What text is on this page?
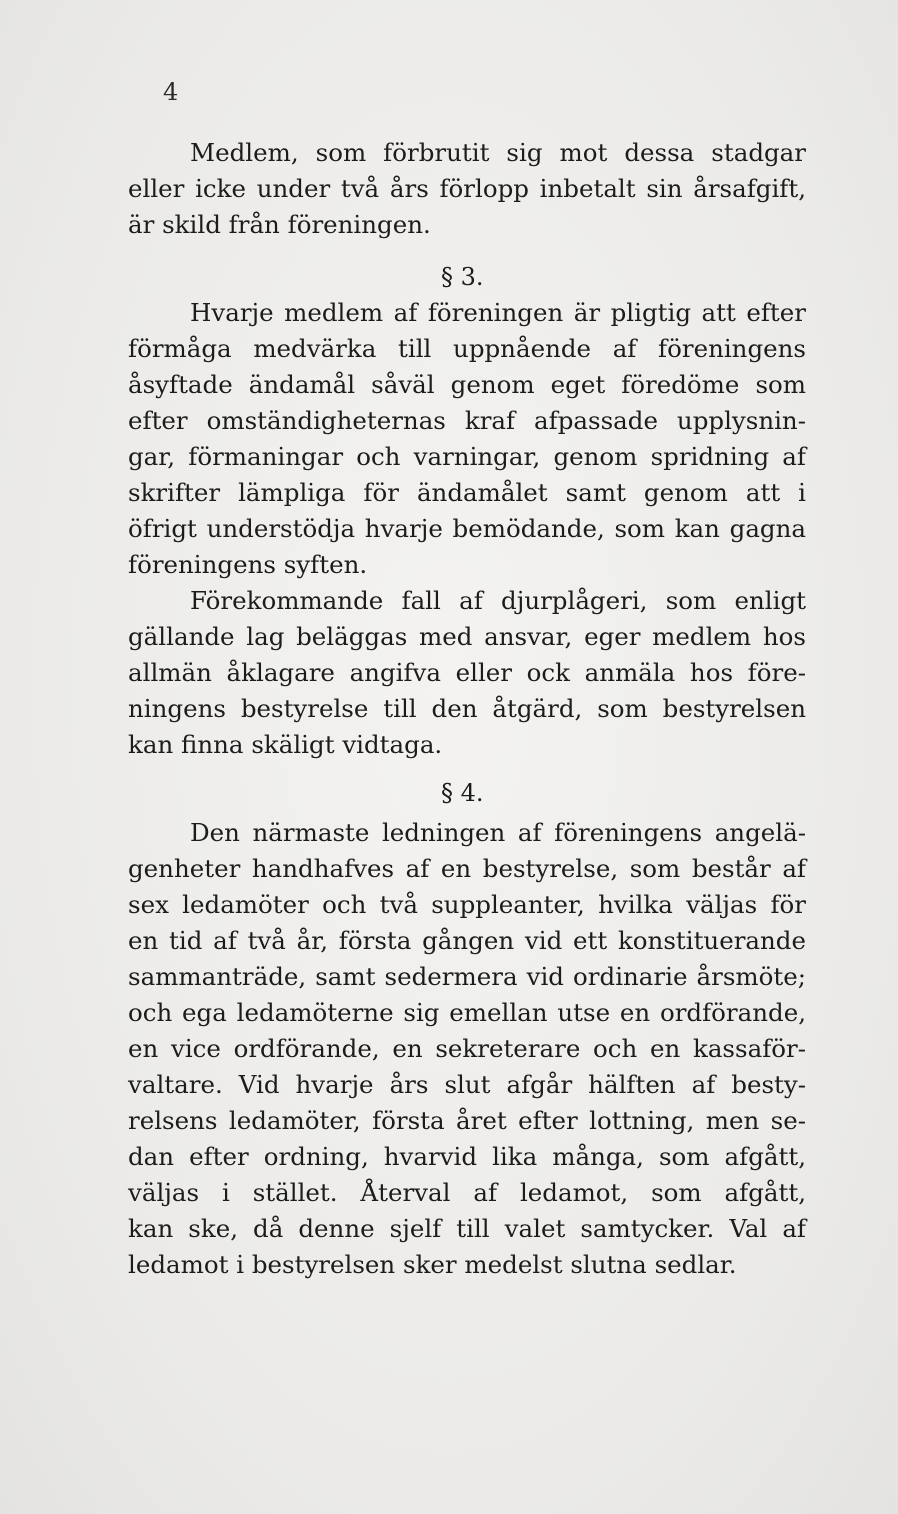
4
Medlem, som förbrutit sig mot dessa stadgar
eller icke under två års förlopp inbetalt sin årsafgift,
är skild från föreningen.
§ 3.
Hvarje medlem af föreningen är pligtig att efter
förmåga medvärka till uppnående af föreningens
åsyftade ändamål såväl genom eget föredöme som
efter omständigheternas kraf afpassade upplysnin-
gar, förmaningar och varningar, genom spridning af
skrifter lämpliga för ändamålet samt genom att i
öfrigt understödja hvarje bemödande, som kan gagna
föreningens syften.
Förekommande fall af djurplågeri, som enligt
gällande lag beläggas med ansvar, eger medlem hos
allmän åklagare angifva eller ock anmäla hos före-
ningens bestyrelse till den åtgärd, som bestyrelsen
kan finna skäligt vidtaga.
§ 4.
Den närmaste ledningen af föreningens angelä-
genheter handhafves af en bestyrelse, som består af
sex ledamöter och två suppleanter, hvilka väljas för
en tid af två år, första gången vid ett konstituerande
sammanträde, samt sedermera vid ordinarie årsmöte;
och ega ledamöterne sig emellan utse en ordförande,
en vice ordförande, en sekreterare och en kassaför-
valtare. Vid hvarje års slut afgår hälften af besty-
relsens ledamöter, första året efter lottning, men se-
dan efter ordning, hvarvid lika många, som afgått,
väljas i stället. Återval af ledamot, som afgått,
kan ske, då denne sjelf till valet samtycker. Val af
ledamot i bestyrelsen sker medelst slutna sedlar.
